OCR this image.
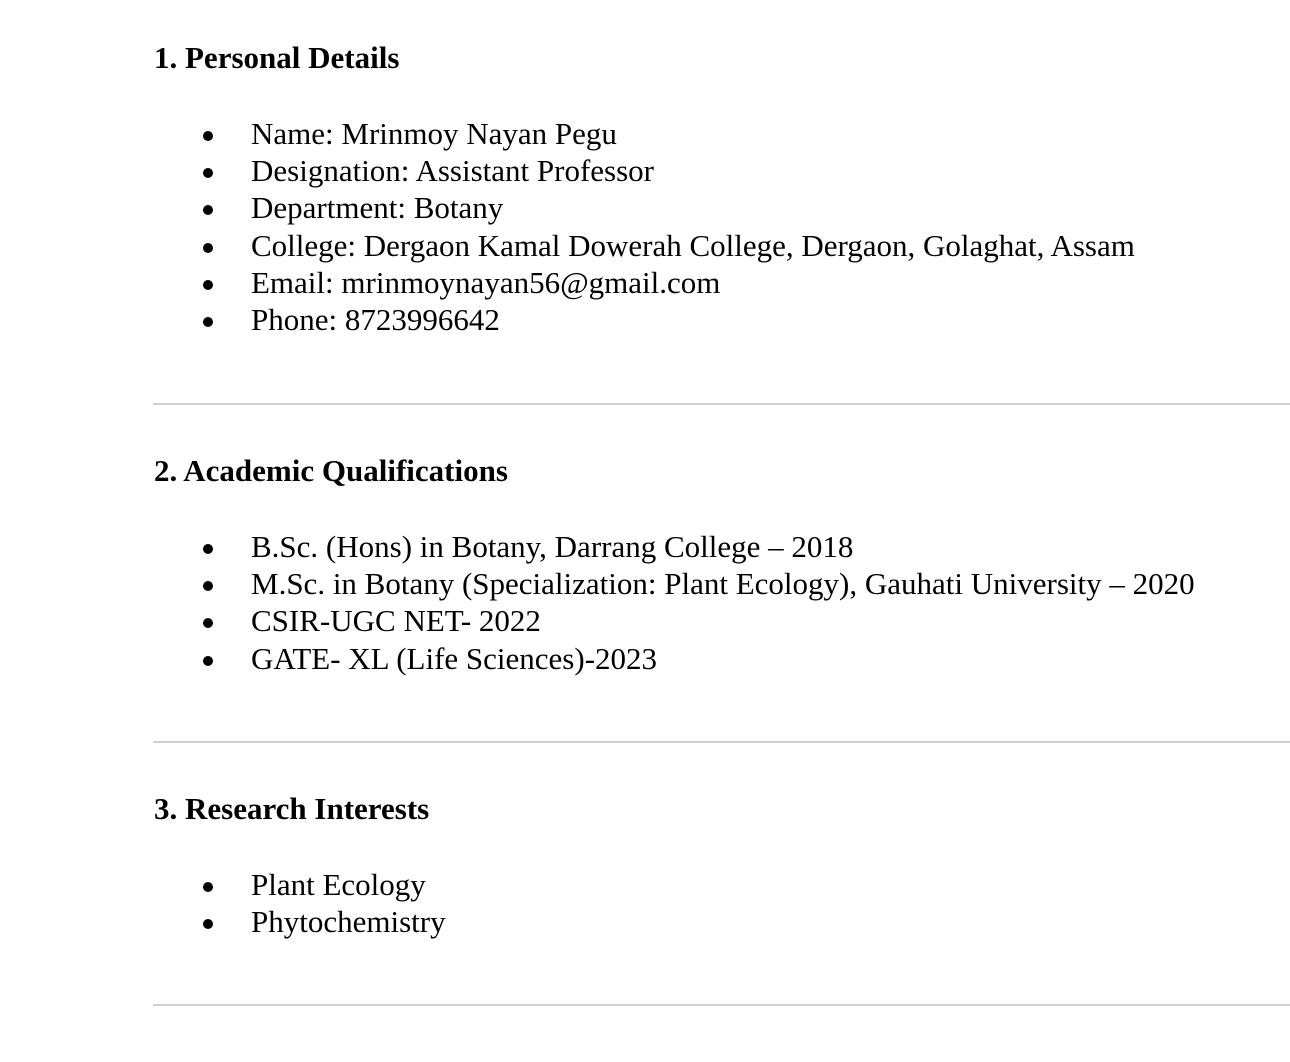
1. Personal Details
Name: Mrinmoy Nayan Pegu
Designation: Assistant Professor
Department: Botany
College: Dergaon Kamal Dowerah College, Dergaon, Golaghat, Assam
Email: mrinmoynayan56@gmail.com
Phone: 8723996642
2. Academic Qualifications
B.Sc. (Hons) in Botany, Darrang College – 2018
M.Sc. in Botany (Specialization: Plant Ecology), Gauhati University – 2020
CSIR-UGC NET- 2022
GATE- XL (Life Sciences)-2023
3. Research Interests
Plant Ecology
Phytochemistry
